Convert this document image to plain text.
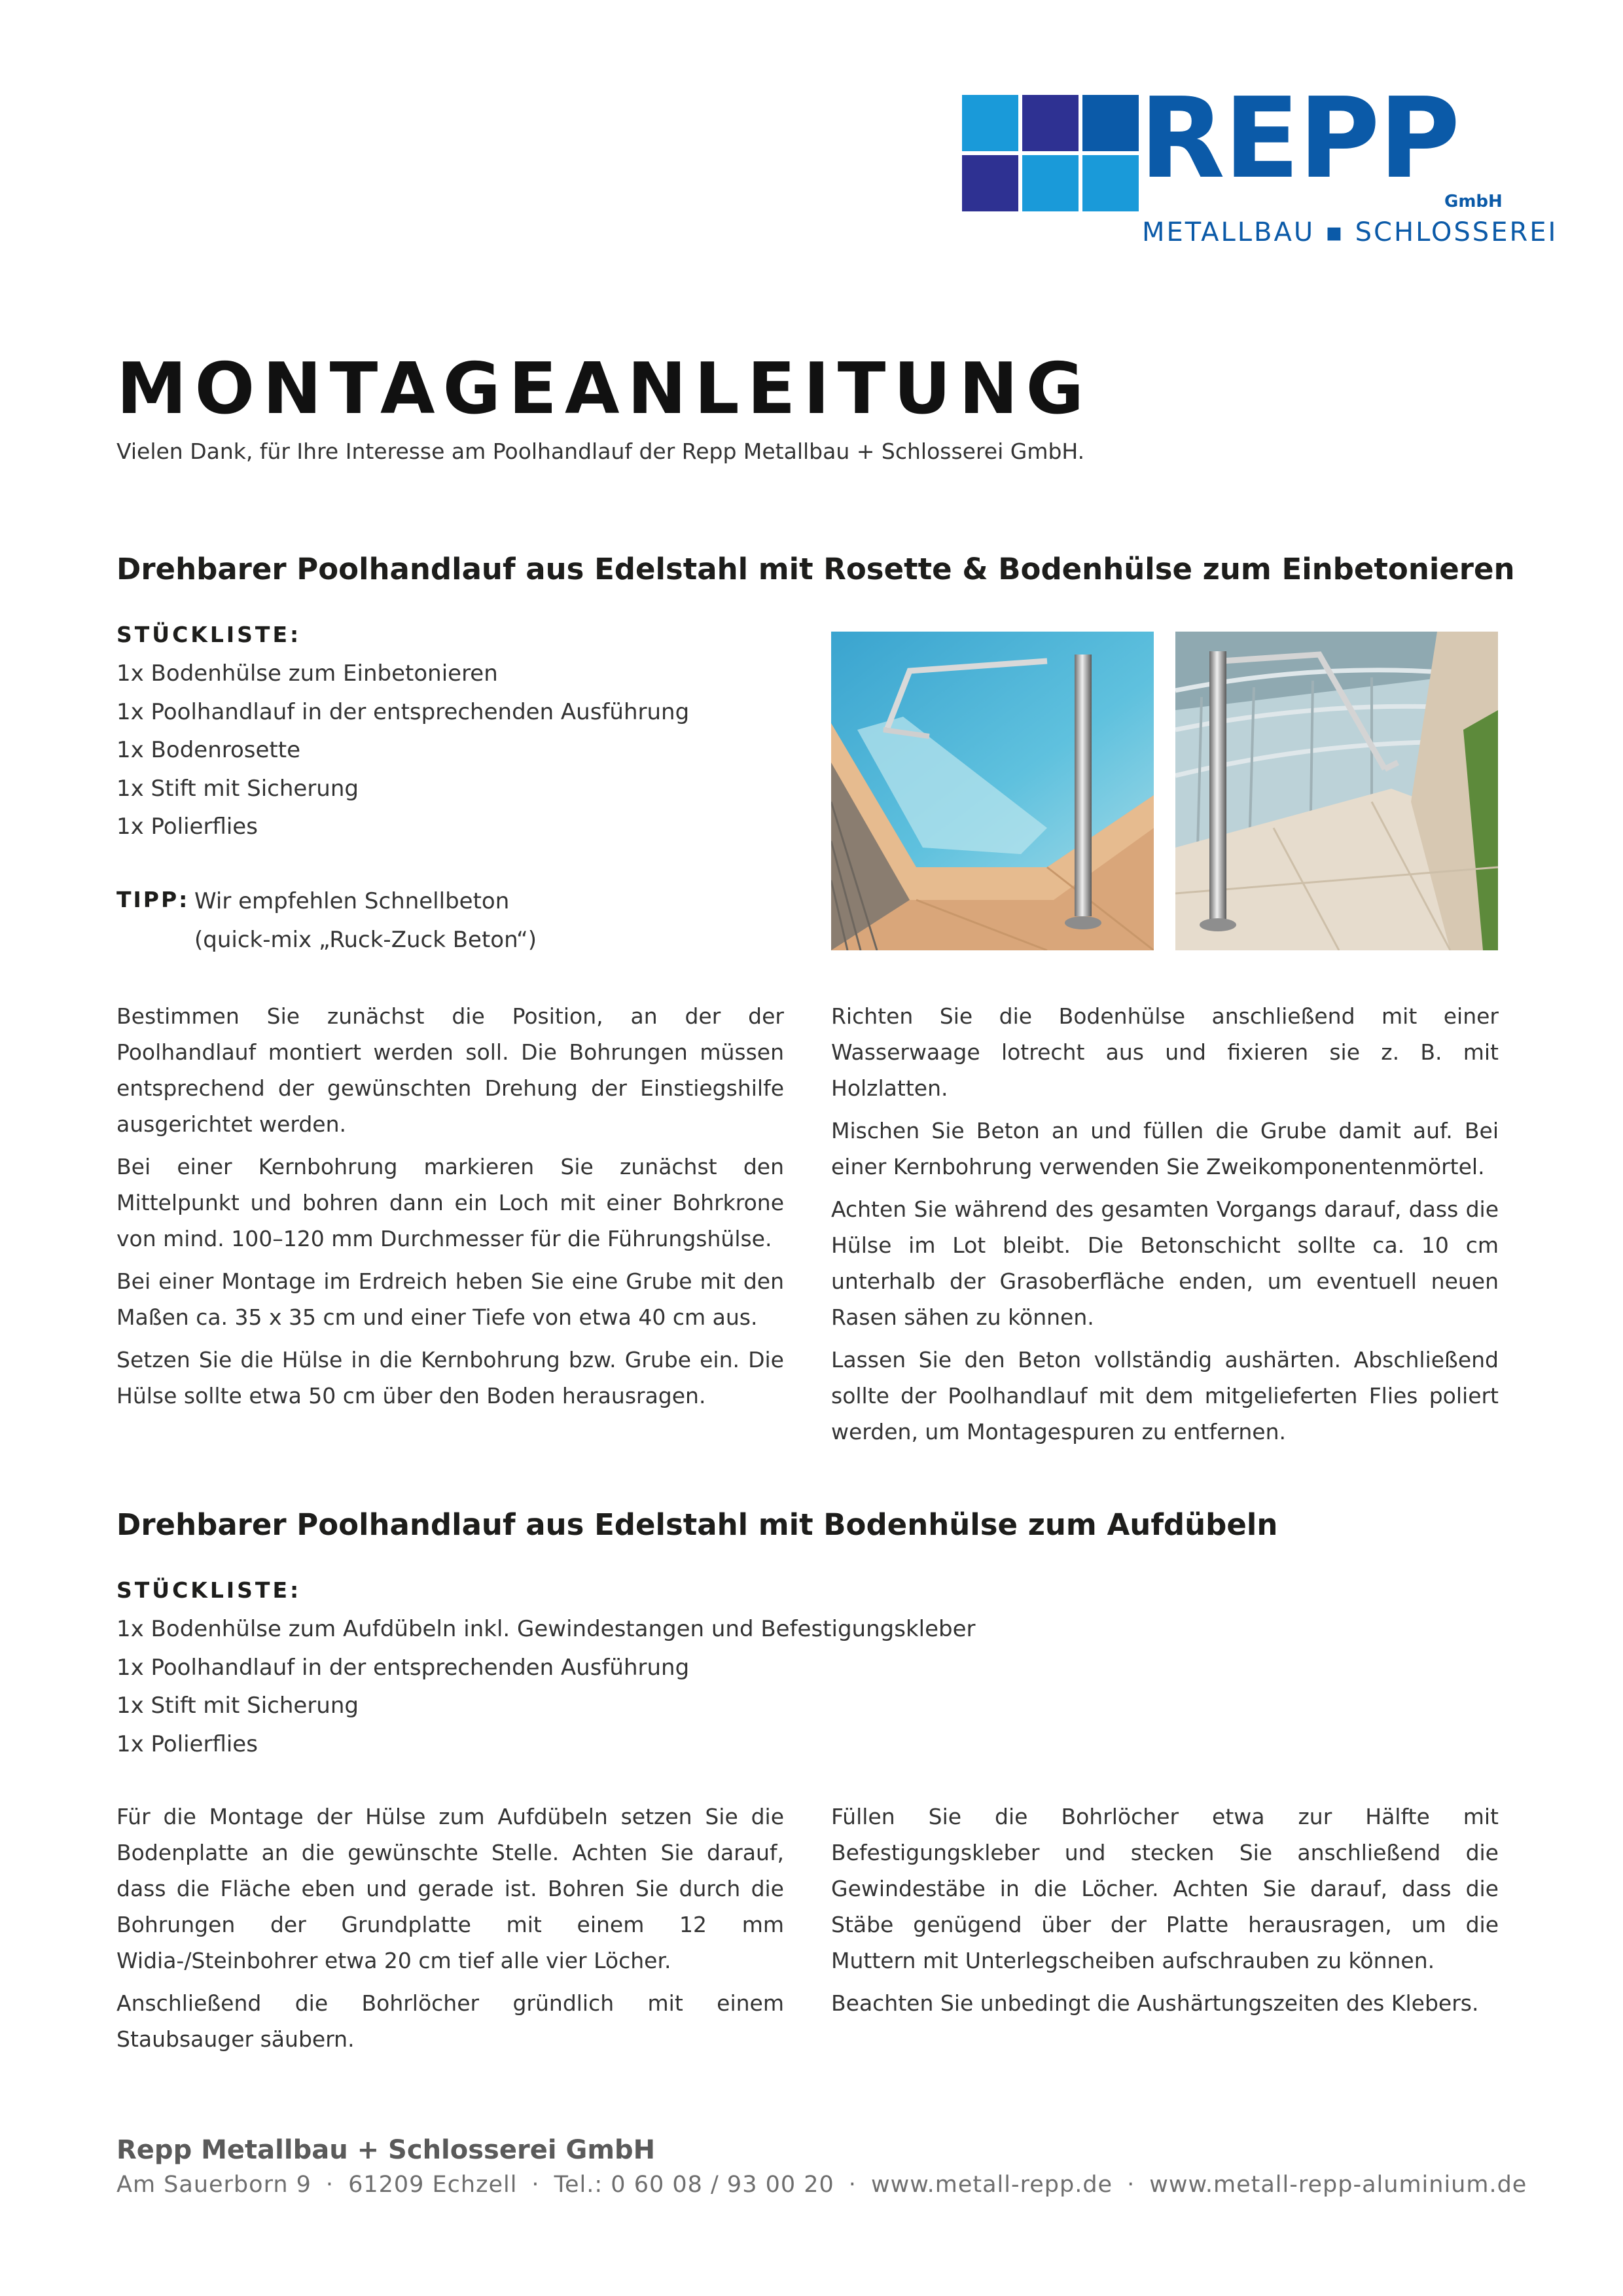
REPP
GmbH
METALLBAU ▪ SCHLOSSEREI
MONTAGEANLEITUNG
Vielen Dank, für Ihre Interesse am Poolhandlauf der Repp Metallbau + Schlosserei GmbH.
Drehbarer Poolhandlauf aus Edelstahl mit Rosette & Bodenhülse zum Einbetonieren
STÜCKLISTE:
1x Bodenhülse zum Einbetonieren
1x Poolhandlauf in der entsprechenden Ausführung
1x Bodenrosette
1x Stift mit Sicherung
1x Polierflies
TIPP: Wir empfehlen Schnellbeton
(quick-mix „Ruck-Zuck Beton“)

Bestimmen Sie zunächst die Position, an der der Poolhandlauf montiert werden soll. Die Bohrungen müssen entsprechend der gewünschten Drehung der Einstiegshilfe ausgerichtet werden.

Bei einer Kernbohrung markieren Sie zunächst den Mittelpunkt und bohren dann ein Loch mit einer Bohrkrone von mind. 100–120 mm Durchmesser für die Führungshülse.

Bei einer Montage im Erdreich heben Sie eine Grube mit den Maßen ca. 35 x 35 cm und einer Tiefe von etwa 40 cm aus.

Setzen Sie die Hülse in die Kernbohrung bzw. Grube ein. Die Hülse sollte etwa 50 cm über den Boden herausragen.

Richten Sie die Bodenhülse anschließend mit einer Wasserwaage lotrecht aus und fixieren sie z. B. mit Holzlatten.

Mischen Sie Beton an und füllen die Grube damit auf. Bei einer Kernbohrung verwenden Sie Zweikomponentenmörtel.

Achten Sie während des gesamten Vorgangs darauf, dass die Hülse im Lot bleibt. Die Betonschicht sollte ca. 10 cm unterhalb der Grasoberfläche enden, um eventuell neuen Rasen sähen zu können.

Lassen Sie den Beton vollständig aushärten. Abschließend sollte der Poolhandlauf mit dem mitgelieferten Flies poliert werden, um Montagespuren zu entfernen.

Drehbarer Poolhandlauf aus Edelstahl mit Bodenhülse zum Aufdübeln
STÜCKLISTE:
1x Bodenhülse zum Aufdübeln inkl. Gewindestangen und Befestigungskleber
1x Poolhandlauf in der entsprechenden Ausführung
1x Stift mit Sicherung
1x Polierflies

Für die Montage der Hülse zum Aufdübeln setzen Sie die Bodenplatte an die gewünschte Stelle. Achten Sie darauf, dass die Fläche eben und gerade ist. Bohren Sie durch die Bohrungen der Grundplatte mit einem 12 mm Widia-/Steinbohrer etwa 20 cm tief alle vier Löcher.

Anschließend die Bohrlöcher gründlich mit einem Staubsauger säubern.

Füllen Sie die Bohrlöcher etwa zur Hälfte mit Befestigungskleber und stecken Sie anschließend die Gewindestäbe in die Löcher. Achten Sie darauf, dass die Stäbe genügend über der Platte herausragen, um die Muttern mit Unterlegscheiben aufschrauben zu können.

Beachten Sie unbedingt die Aushärtungszeiten des Klebers.

Repp Metallbau + Schlosserei GmbH
Am Sauerborn 9 · 61209 Echzell · Tel.: 0 60 08 / 93 00 20 · www.metall-repp.de · www.metall-repp-aluminium.de
